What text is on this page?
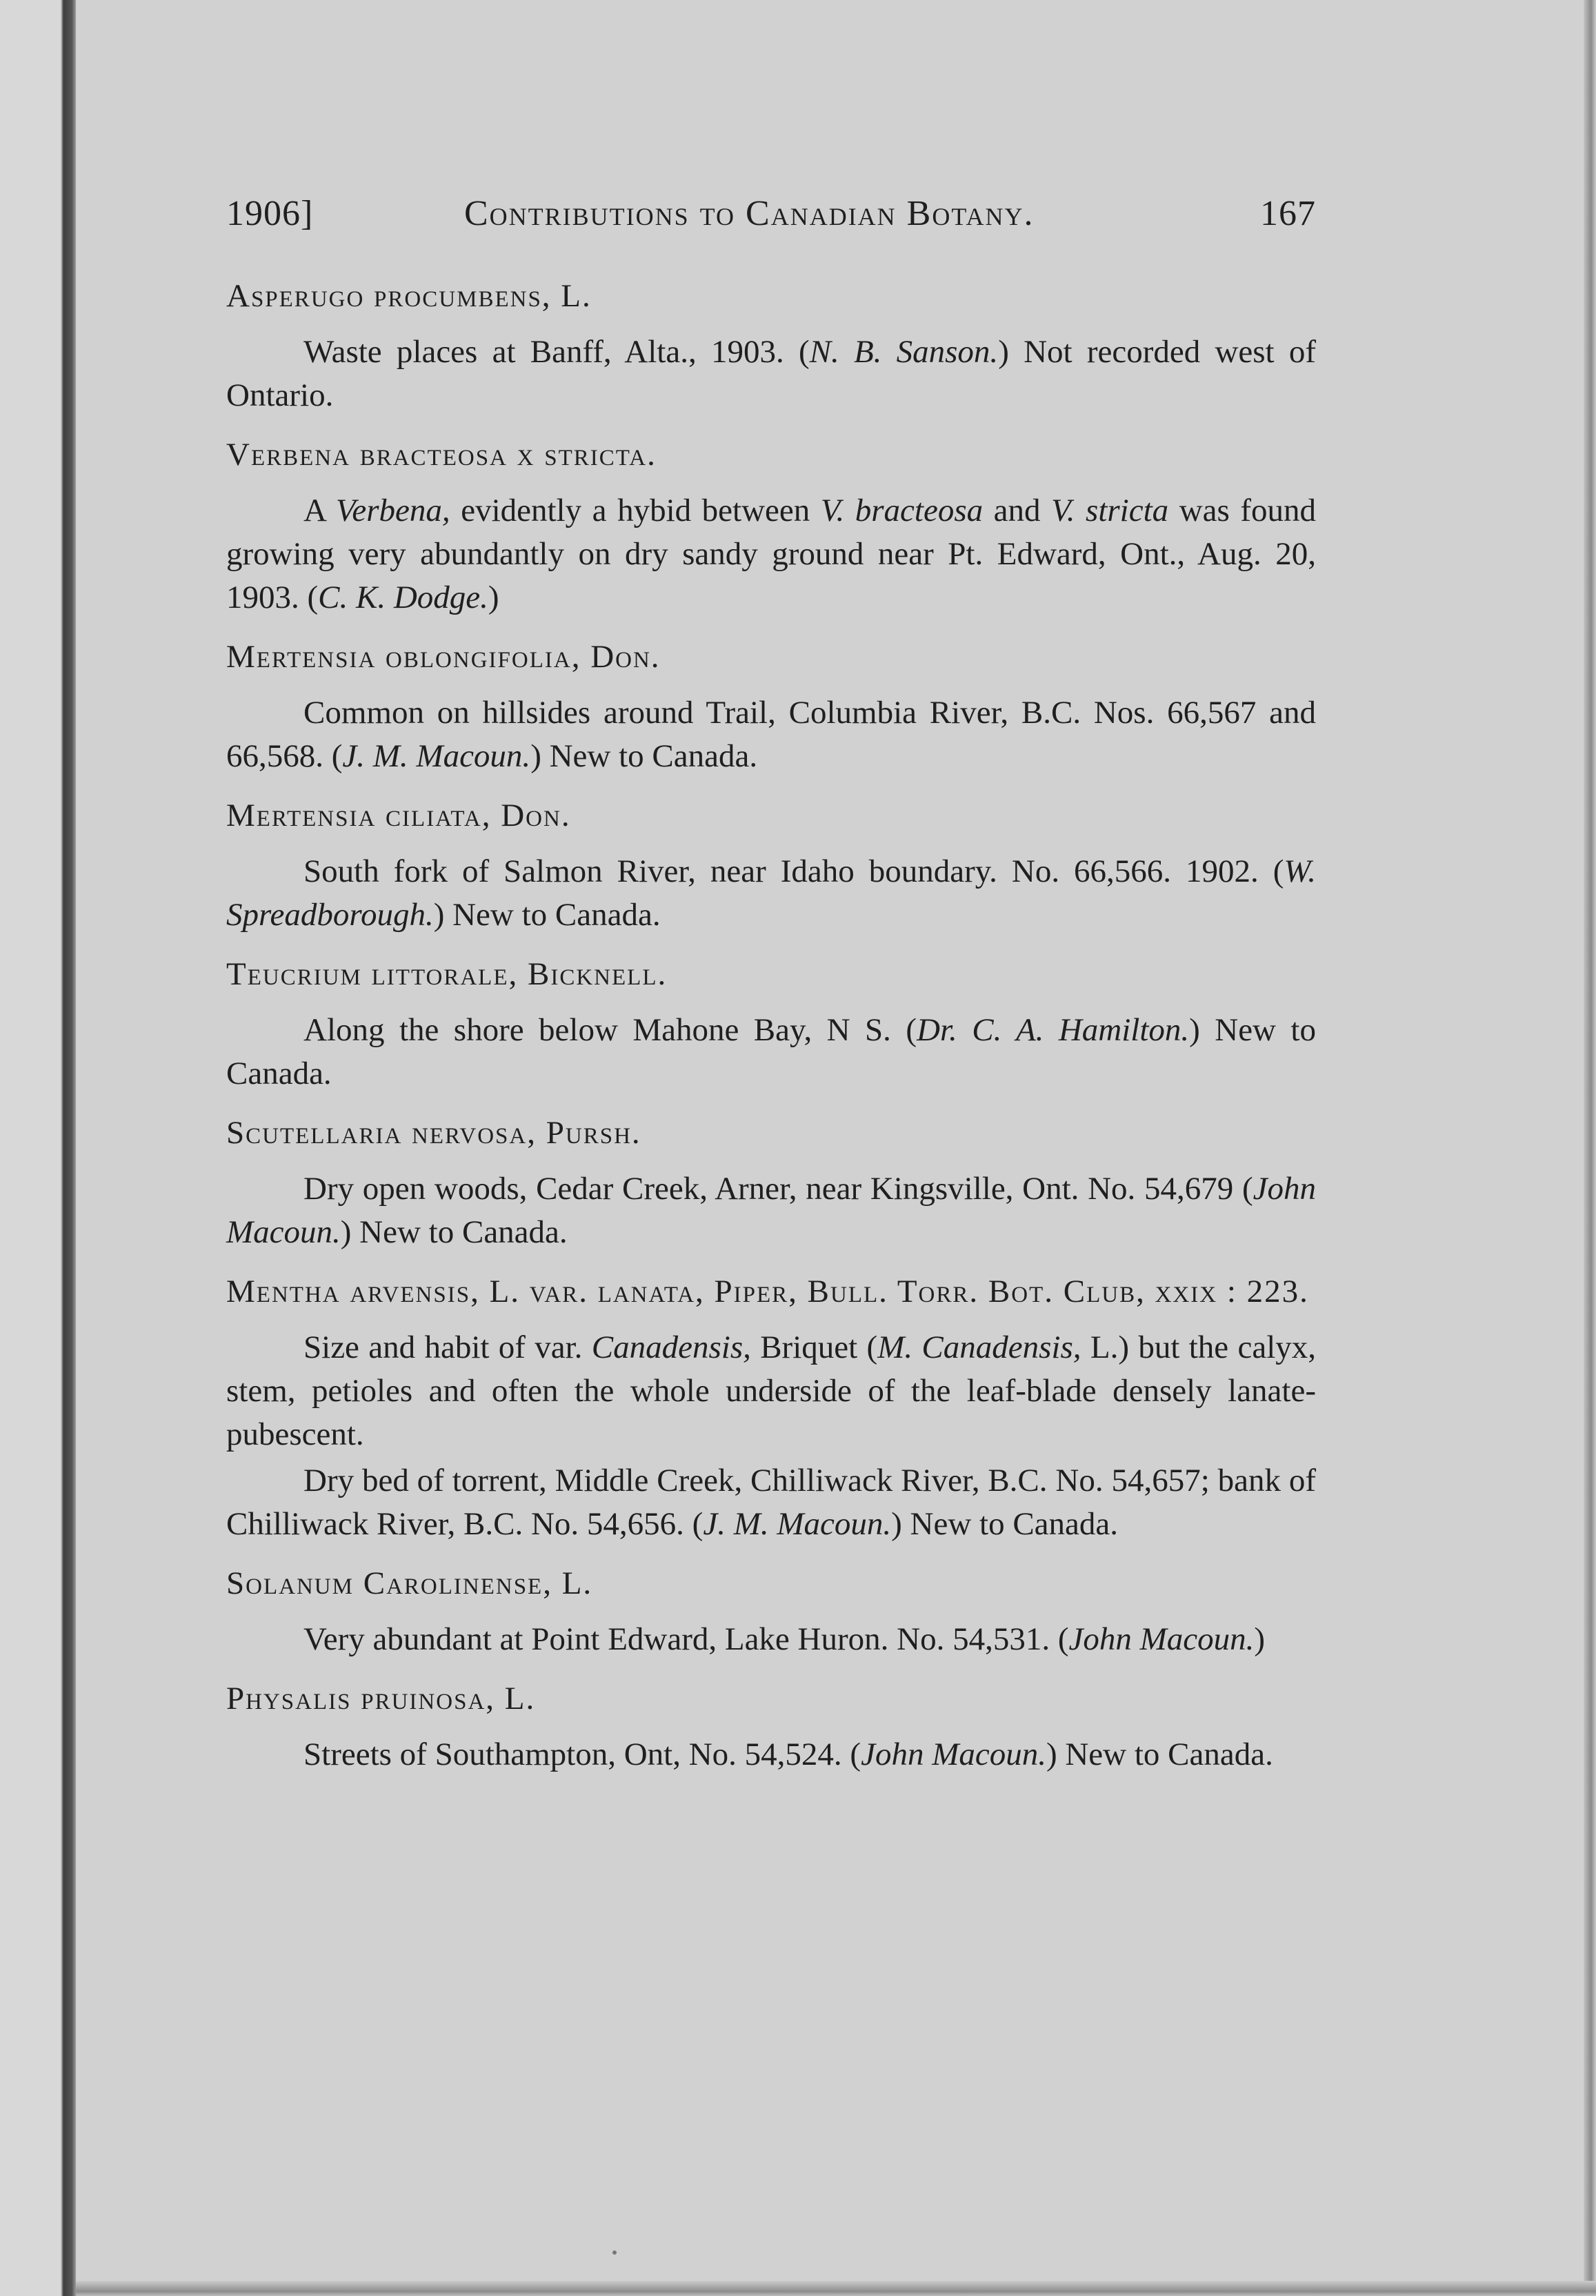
1906]	Contributions to Canadian Botany.	167
Asperugo procumbens, L.

Waste places at Banff, Alta., 1903. (N. B. Sanson.) Not recorded west of Ontario.

Verbena bracteosa x stricta.

A Verbena, evidently a hybid between V. bracteosa and V. stricta was found growing very abundantly on dry sandy ground near Pt. Edward, Ont., Aug. 20, 1903. (C. K. Dodge.)

Mertensia oblongifolia, Don.

Common on hillsides around Trail, Columbia River, B.C. Nos. 66,567 and 66,568. (J. M. Macoun.) New to Canada.

Mertensia ciliata, Don.

South fork of Salmon River, near Idaho boundary. No. 66,566. 1902. (W. Spreadborough.) New to Canada.

Teucrium littorale, Bicknell.

Along the shore below Mahone Bay, N S. (Dr. C. A. Hamilton.) New to Canada.

Scutellaria nervosa, Pursh.

Dry open woods, Cedar Creek, Arner, near Kingsville, Ont. No. 54,679 (John Macoun.) New to Canada.

Mentha arvensis, L. var. lanata, Piper, Bull. Torr. Bot. Club, xxix : 223.

Size and habit of var. Canadensis, Briquet (M. Canadensis, L.) but the calyx, stem, petioles and often the whole underside of the leaf-blade densely lanate-pubescent.

Dry bed of torrent, Middle Creek, Chilliwack River, B.C. No. 54,657; bank of Chilliwack River, B.C. No. 54,656. (J. M. Macoun.) New to Canada.

Solanum Carolinense, L.

Very abundant at Point Edward, Lake Huron. No. 54,531. (John Macoun.)

Physalis pruinosa, L.

Streets of Southampton, Ont, No. 54,524. (John Macoun.) New to Canada.
